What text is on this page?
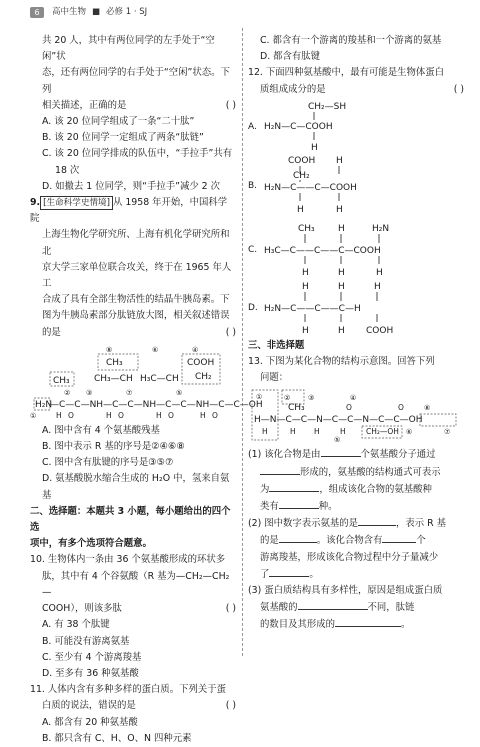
6	高中生物 ■ 必修 1 · SJ

共 20 人，其中有两位同学的左手处于“空闲”状

态，还有两位同学的右手处于“空闲”状态。下列

相关描述，正确的是	( )

A. 该 20 位同学组成了一条“二十肽”

B. 该 20 位同学一定组成了两条“肽链”

C. 该 20 位同学排成的队伍中，“手拉手”共有

18 次

D. 如撤去 1 位同学，则“手拉手”减少 2 次

9. [生命科学史情境] 从 1958 年开始，中国科学院

上海生物化学研究所、上海有机化学研究所和北

京大学三家单位联合攻关，终于在 1965 年人工

合成了具有全部生物活性的结晶牛胰岛素。下

图为牛胰岛素部分肽链放大图，相关叙述错误

的是	( )

⑧	⑥	④
CH₃	COOH
CH₂
CH₃—CH H₃C—CH
CH₃
②	⑦	⑤
③
H₂N
—C—C—NH—C—C—NH—C—C—NH—C—C—OH
①	H O	H O	H O	H O

A. 图中含有 4 个氨基酸残基

B. 图中表示 R 基的序号是②④⑥⑧

C. 图中含有肽键的序号是③⑤⑦

D. 氨基酸脱水缩合生成的 H₂O 中，氢来自氨基

二、选择题：本题共 3 小题，每小题给出的四个选

项中，有多个选项符合题意。

10. 生物体内一条由 36 个氨基酸形成的环状多

肽，其中有 4 个谷氨酸（R 基为—CH₂—CH₂—

COOH），则该多肽	( )

A. 有 38 个肽键

B. 可能没有游离氨基

C. 至少有 4 个游离羧基

D. 至多有 36 种氨基酸

11. 人体内含有多种多样的蛋白质。下列关于蛋

白质的说法，错误的是	( )

A. 都含有 20 种氨基酸

B. 都只含有 C、H、O、N 四种元素

C. 都含有一个游离的羧基和一个游离的氨基

D. 都含有肽键

12. 下面四种氨基酸中，最有可能是生物体蛋白

质组成成分的是	( )

A.
CH₂—SH
H₂N—C—COOH
H
B.
COOH H
CH₂
H₂N—C——C—COOH
H	H
C.
CH₃	H	H₂N
H₃C—C——C——C—COOH
H	H	H
D.
H	H	H
H₂N—C——C——C—H
H	H COOH

三、非选择题

13. 下图为某化合物的结构示意图。回答下列

问题：

①	②
CH₃
H—N—C—C—N—C—C—N—C—C—OH
O	O
H	H H	H	CH₂—OH
③	④
⑤
⑥	⑦
⑧

(1) 该化合物是由	个氨基酸分子通过

形成的，氨基酸的结构通式可表示

为	，组成该化合物的氨基酸种

类有	种。

(2) 图中数字表示氨基的是	，表示 R 基

的是	。该化合物含有	个

游离羧基，形成该化合物过程中分子量减少

了	。

(3) 蛋白质结构具有多样性，原因是组成蛋白质

氨基酸的	不同，肽链

的数目及其形成的	。
